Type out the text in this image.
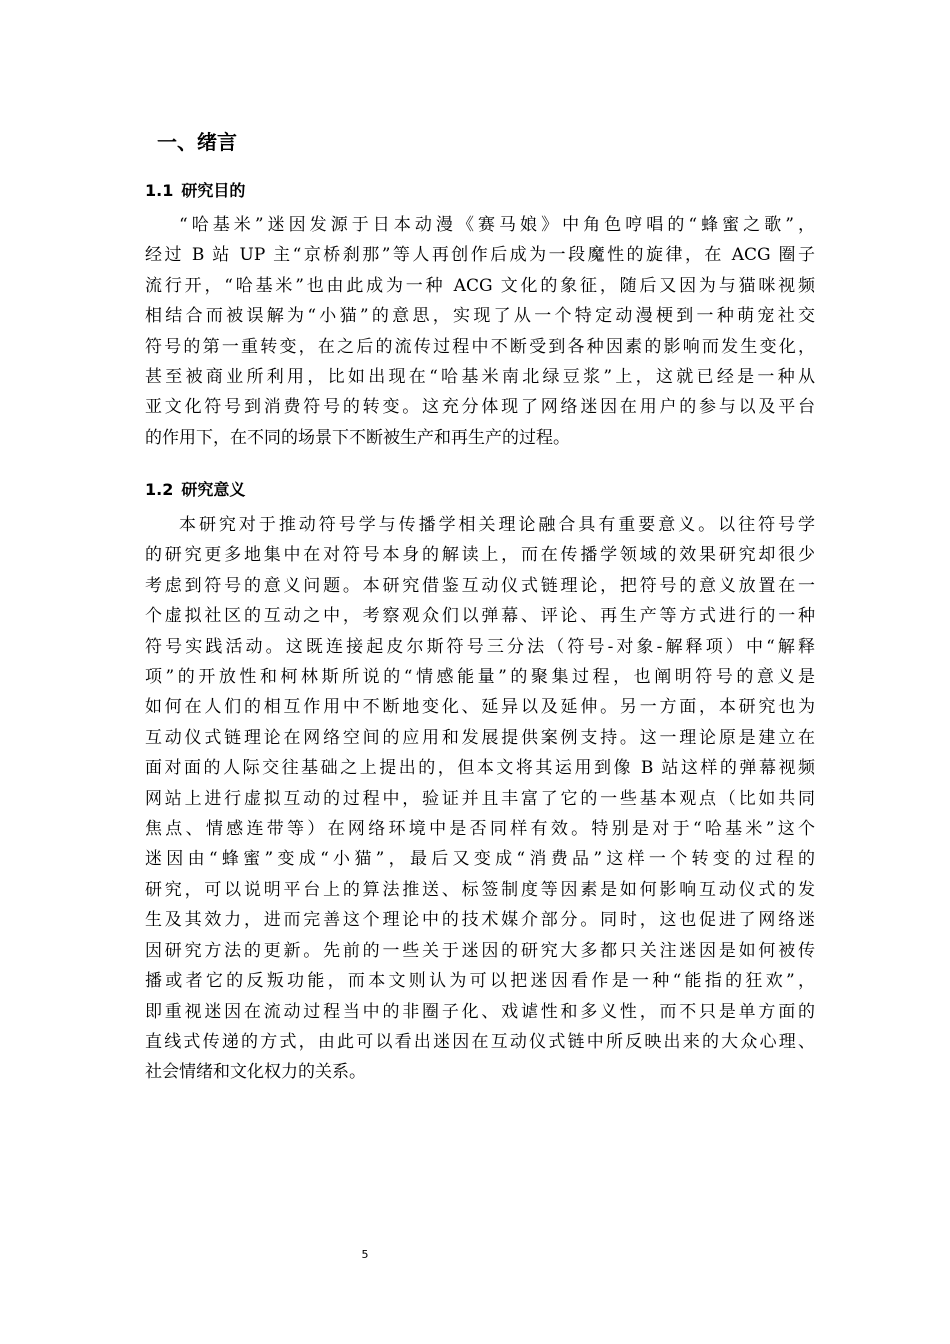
一、绪言
1.1 研究目的
“哈基米”迷因发源于日本动漫《赛马娘》中角色哼唱的“蜂蜜之歌”，
经过 B 站 UP 主“京桥刹那”等人再创作后成为一段魔性的旋律，在 ACG 圈子
流行开，“哈基米”也由此成为一种 ACG 文化的象征，随后又因为与猫咪视频
相结合而被误解为“小猫”的意思，实现了从一个特定动漫梗到一种萌宠社交
符号的第一重转变，在之后的流传过程中不断受到各种因素的影响而发生变化，
甚至被商业所利用，比如出现在“哈基米南北绿豆浆”上，这就已经是一种从
亚文化符号到消费符号的转变。这充分体现了网络迷因在用户的参与以及平台
的作用下，在不同的场景下不断被生产和再生产的过程。
1.2 研究意义
本研究对于推动符号学与传播学相关理论融合具有重要意义。以往符号学
的研究更多地集中在对符号本身的解读上，而在传播学领域的效果研究却很少
考虑到符号的意义问题。本研究借鉴互动仪式链理论，把符号的意义放置在一
个虚拟社区的互动之中，考察观众们以弹幕、评论、再生产等方式进行的一种
符号实践活动。这既连接起皮尔斯符号三分法（符号-对象-解释项）中“解释
项”的开放性和柯林斯所说的“情感能量”的聚集过程，也阐明符号的意义是
如何在人们的相互作用中不断地变化、延异以及延伸。另一方面，本研究也为
互动仪式链理论在网络空间的应用和发展提供案例支持。这一理论原是建立在
面对面的人际交往基础之上提出的，但本文将其运用到像 B 站这样的弹幕视频
网站上进行虚拟互动的过程中，验证并且丰富了它的一些基本观点（比如共同
焦点、情感连带等）在网络环境中是否同样有效。特别是对于“哈基米”这个
迷因由“蜂蜜”变成“小猫”，最后又变成“消费品”这样一个转变的过程的
研究，可以说明平台上的算法推送、标签制度等因素是如何影响互动仪式的发
生及其效力，进而完善这个理论中的技术媒介部分。同时，这也促进了网络迷
因研究方法的更新。先前的一些关于迷因的研究大多都只关注迷因是如何被传
播或者它的反叛功能，而本文则认为可以把迷因看作是一种“能指的狂欢”，
即重视迷因在流动过程当中的非圈子化、戏谑性和多义性，而不只是单方面的
直线式传递的方式，由此可以看出迷因在互动仪式链中所反映出来的大众心理、
社会情绪和文化权力的关系。
5
